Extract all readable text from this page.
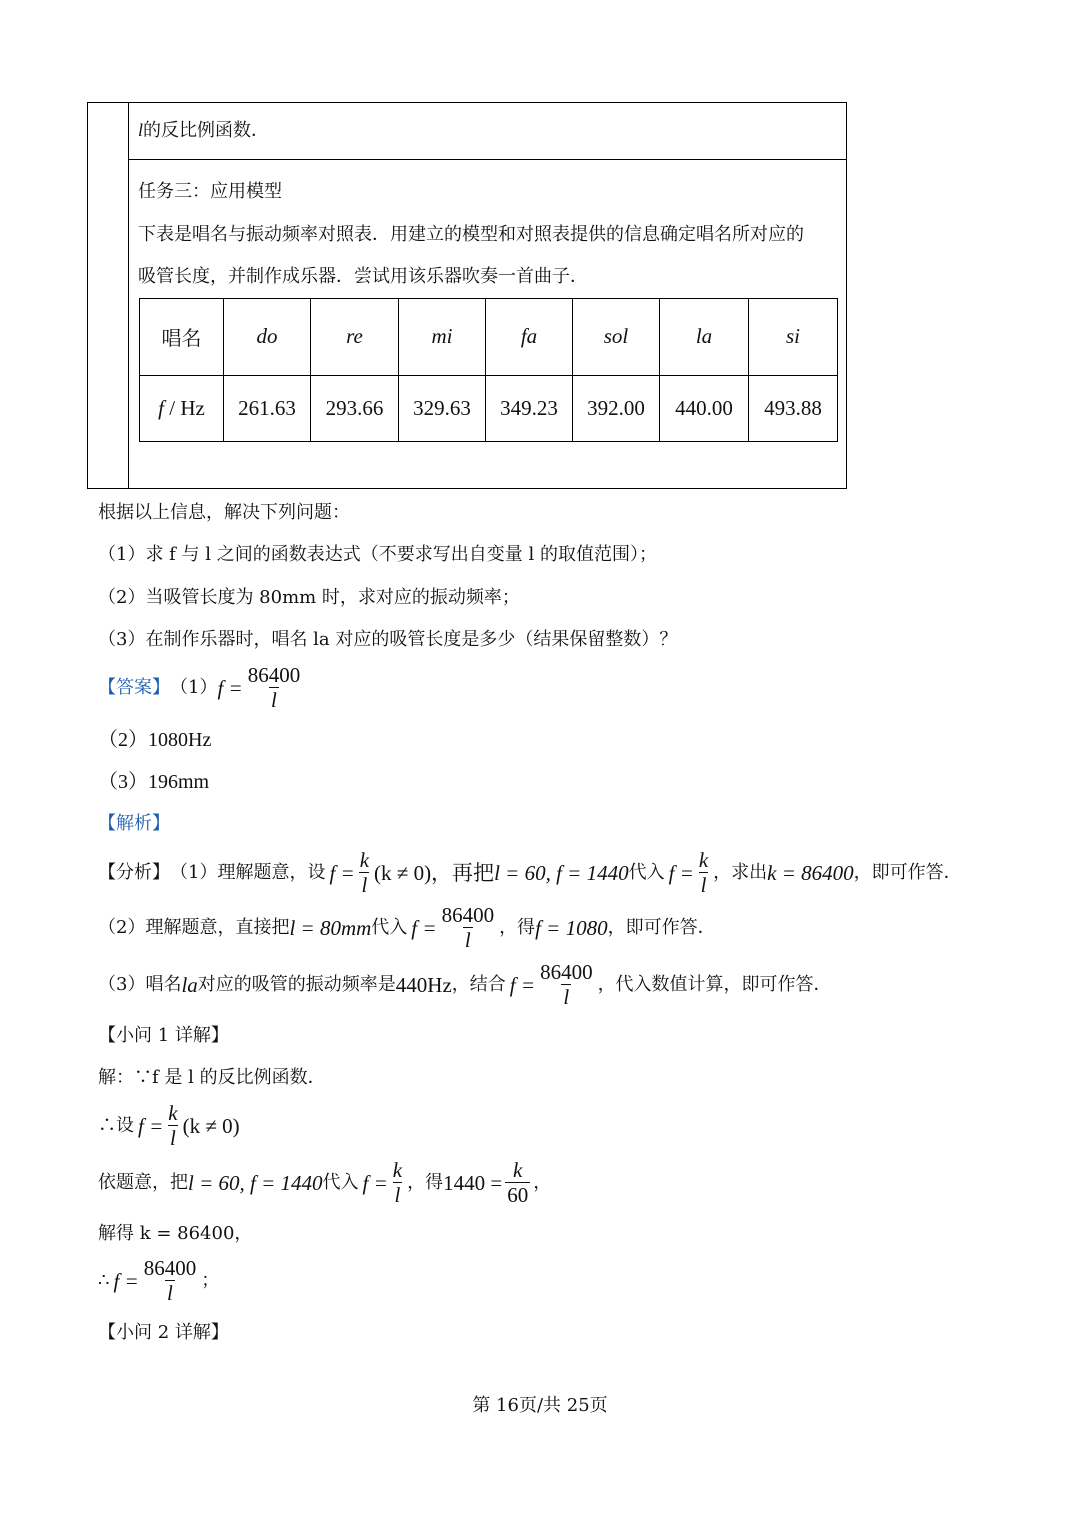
l的反比例函数．
任务三：应用模型
下表是唱名与振动频率对照表．用建立的模型和对照表提供的信息确定唱名所对应的
吸管长度，并制作成乐器．尝试用该乐器吹奏一首曲子．
唱名	do	re	mi	fa	sol	la	si
f / Hz	261.63	293.66	329.63	349.23	392.00	440.00	493.88
根据以上信息，解决下列问题：
（1）求 f 与 l 之间的函数表达式（不要求写出自变量 l 的取值范围）；
（2）当吸管长度为 80mm 时，求对应的振动频率；
（3）在制作乐器时，唱名 la 对应的吸管长度是多少（结果保留整数）？
【答案】 （1） $f = \frac{86400}{l}$
（2）1080Hz
（3）196mm
【解析】
【分析】 （1）理解题意，设 $f = \frac{k}{l} (k \ne 0)$，再把 l = 60, f = 1440 代入 $f = \frac{k}{l}$ ，求出 k = 86400 ，即可作答．
（2）理解题意，直接把 l = 80mm 代入 $f = \frac{86400}{l}$ ，得 f = 1080 ，即可作答．
（3）唱名 la 对应的吸管的振动频率是 440Hz ，结合 $f = \frac{86400}{l}$ ，代入数值计算，即可作答．
【小问 1 详解】
解：∵f 是 l 的反比例函数．
∴设 $f = \frac{k}{l} (k \ne 0)$
依题意，把 l = 60, f = 1440 代入 $f = \frac{k}{l}$ ，得 $1440 = \frac{k}{60}$ ，
解得 k = 86400，
∴ $f = \frac{86400}{l}$ ；
【小问 2 详解】
第 16页/共 25页
